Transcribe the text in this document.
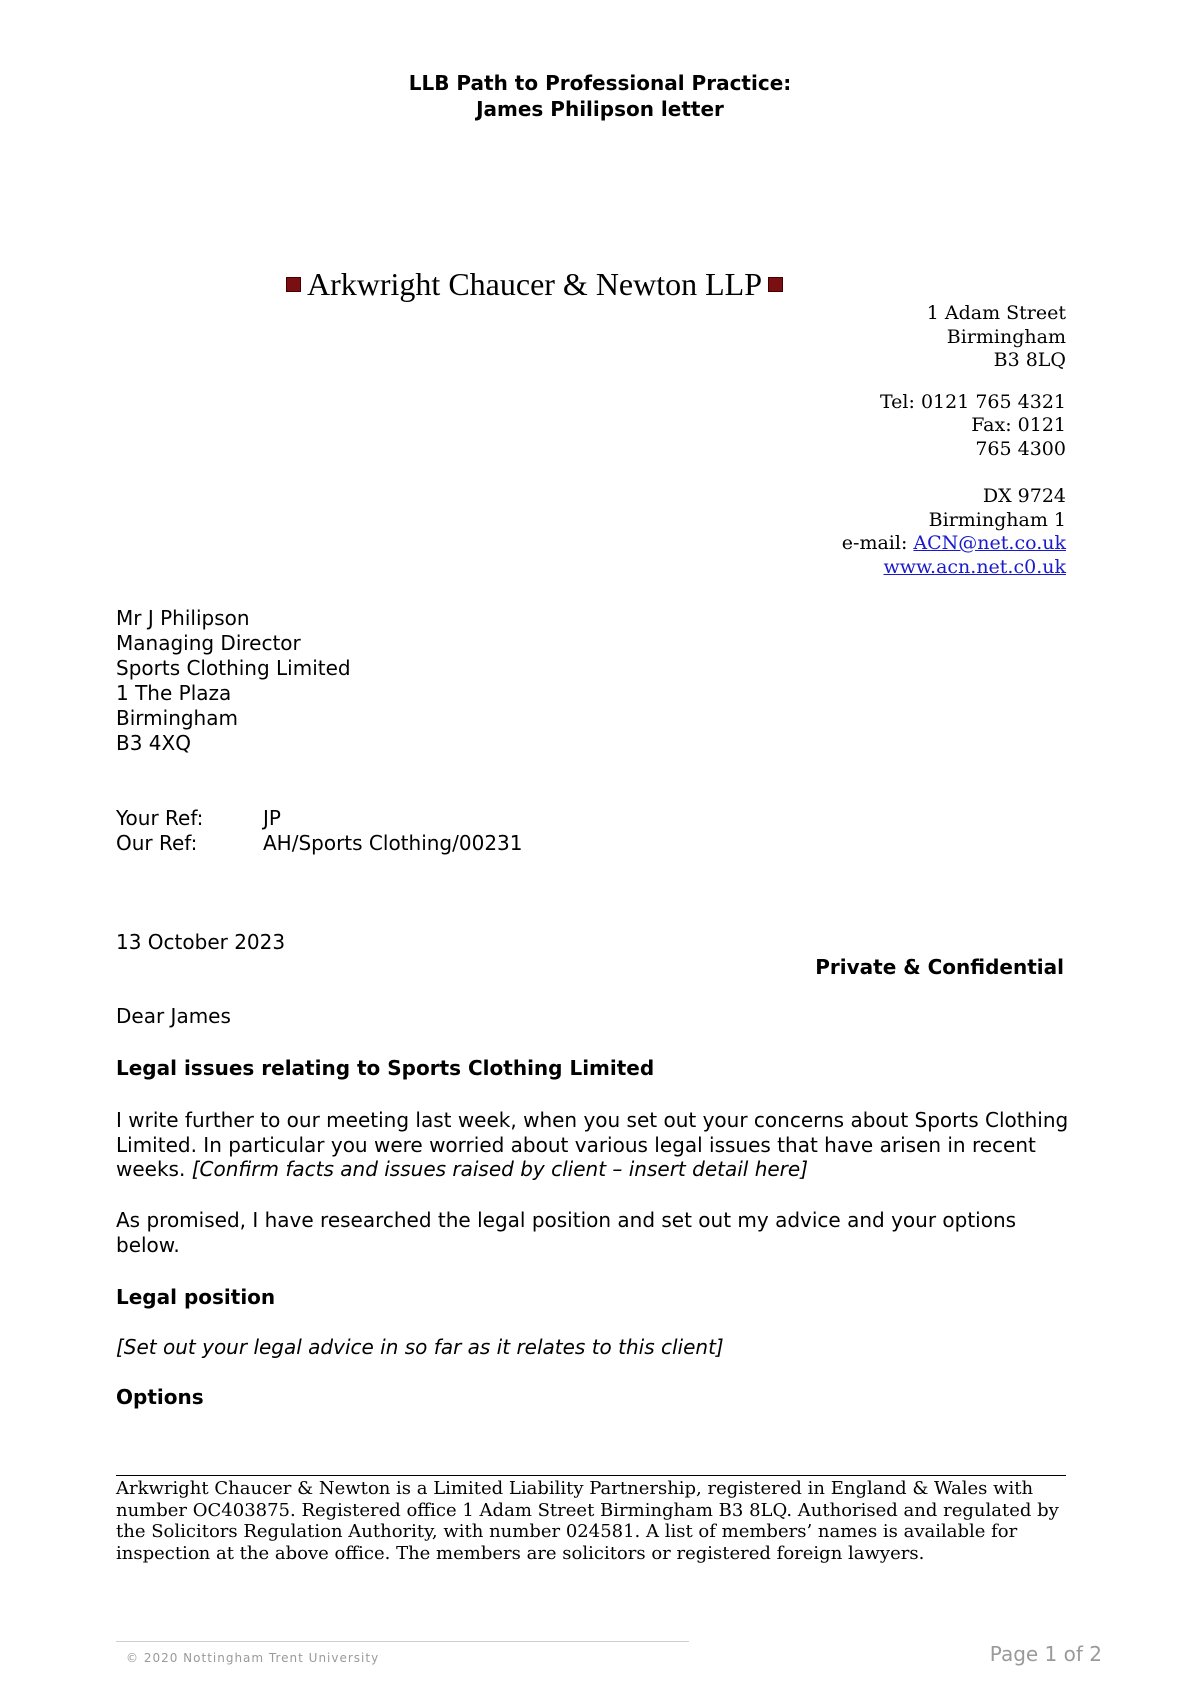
LLB Path to Professional Practice:
James Philipson letter
Arkwright Chaucer & Newton LLP
1 Adam Street
Birmingham
B3 8LQ
Tel: 0121 765 4321
Fax: 0121
765 4300
DX 9724
Birmingham 1
e-mail: ACN@net.co.uk
www.acn.net.c0.uk
Mr J Philipson
Managing Director
Sports Clothing Limited
1 The Plaza
Birmingham
B3 4XQ
Your Ref:	JP
Our Ref:	AH/Sports Clothing/00231
13 October 2023
Private & Confidential
Dear James
Legal issues relating to Sports Clothing Limited
I write further to our meeting last week, when you set out your concerns about Sports Clothing Limited. In particular you were worried about various legal issues that have arisen in recent weeks. [Confirm facts and issues raised by client – insert detail here]
As promised, I have researched the legal position and set out my advice and your options below.
Legal position
[Set out your legal advice in so far as it relates to this client]
Options
Arkwright Chaucer & Newton is a Limited Liability Partnership, registered in England & Wales with number OC403875. Registered office 1 Adam Street Birmingham B3 8LQ. Authorised and regulated by the Solicitors Regulation Authority, with number 024581. A list of members’ names is available for inspection at the above office. The members are solicitors or registered foreign lawyers.
© 2020 Nottingham Trent University	Page 1 of 2
